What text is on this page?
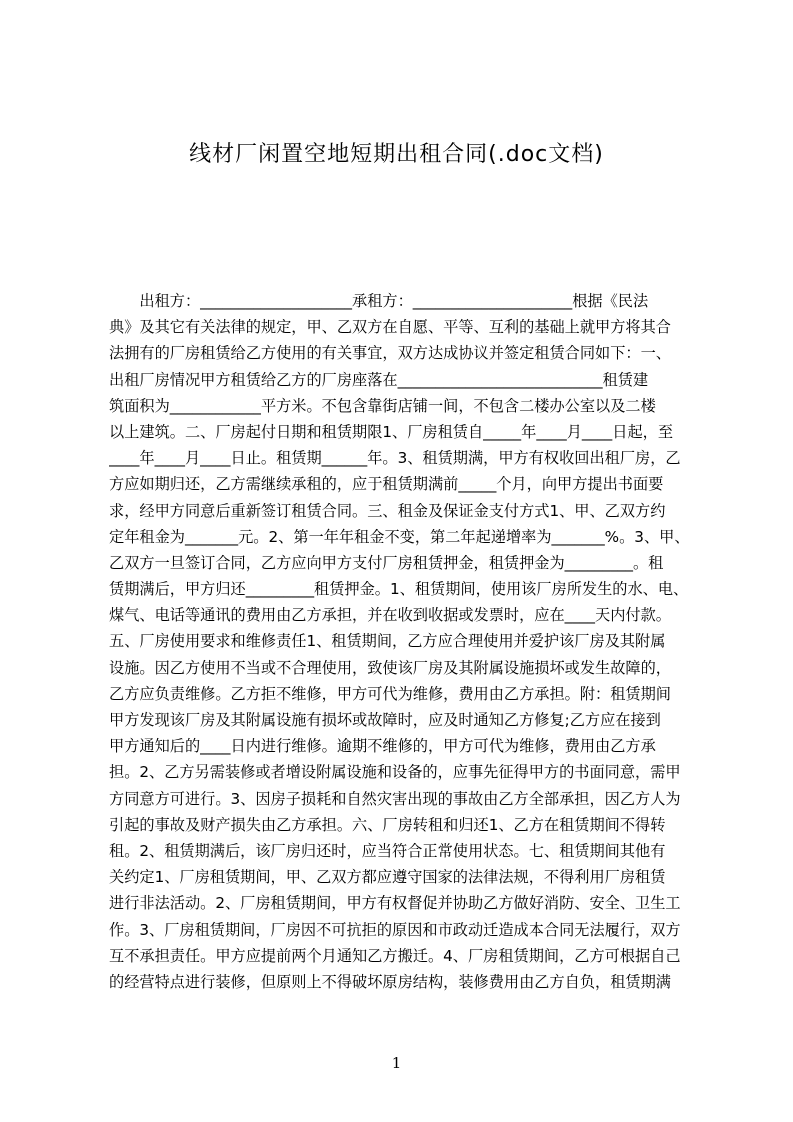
线材厂闲置空地短期出租合同(.doc文档)
　　出租方：____________________承租方：_____________________根据《民法
典》及其它有关法律的规定，甲、乙双方在自愿、平等、互利的基础上就甲方将其合
法拥有的厂房租赁给乙方使用的有关事宜，双方达成协议并签定租赁合同如下：一、
出租厂房情况甲方租赁给乙方的厂房座落在___________________________租赁建
筑面积为____________平方米。不包含靠街店铺一间，不包含二楼办公室以及二楼
以上建筑。二、厂房起付日期和租赁期限1、厂房租赁自_____年____月____日起，至
____年____月____日止。租赁期______年。3、租赁期满，甲方有权收回出租厂房，乙
方应如期归还，乙方需继续承租的，应于租赁期满前_____个月，向甲方提出书面要
求，经甲方同意后重新签订租赁合同。三、租金及保证金支付方式1、甲、乙双方约
定年租金为_______元。2、第一年年租金不变，第二年起递增率为_______%。3、甲、
乙双方一旦签订合同，乙方应向甲方支付厂房租赁押金，租赁押金为_________。租
赁期满后，甲方归还_________租赁押金。1、租赁期间，使用该厂房所发生的水、电、
煤气、电话等通讯的费用由乙方承担，并在收到收据或发票时，应在____天内付款。
五、厂房使用要求和维修责任1、租赁期间，乙方应合理使用并爱护该厂房及其附属
设施。因乙方使用不当或不合理使用，致使该厂房及其附属设施损坏或发生故障的，
乙方应负责维修。乙方拒不维修，甲方可代为维修，费用由乙方承担。附：租赁期间
甲方发现该厂房及其附属设施有损坏或故障时，应及时通知乙方修复;乙方应在接到
甲方通知后的____日内进行维修。逾期不维修的，甲方可代为维修，费用由乙方承
担。2、乙方另需装修或者增设附属设施和设备的，应事先征得甲方的书面同意，需甲
方同意方可进行。3、因房子损耗和自然灾害出现的事故由乙方全部承担，因乙方人为
引起的事故及财产损失由乙方承担。六、厂房转租和归还1、乙方在租赁期间不得转
租。2、租赁期满后，该厂房归还时，应当符合正常使用状态。七、租赁期间其他有
关约定1、厂房租赁期间，甲、乙双方都应遵守国家的法律法规，不得利用厂房租赁
进行非法活动。2、厂房租赁期间，甲方有权督促并协助乙方做好消防、安全、卫生工
作。3、厂房租赁期间，厂房因不可抗拒的原因和市政动迁造成本合同无法履行，双方
互不承担责任。甲方应提前两个月通知乙方搬迁。4、厂房租赁期间，乙方可根据自己
的经营特点进行装修，但原则上不得破坏原房结构，装修费用由乙方自负，租赁期满
1
